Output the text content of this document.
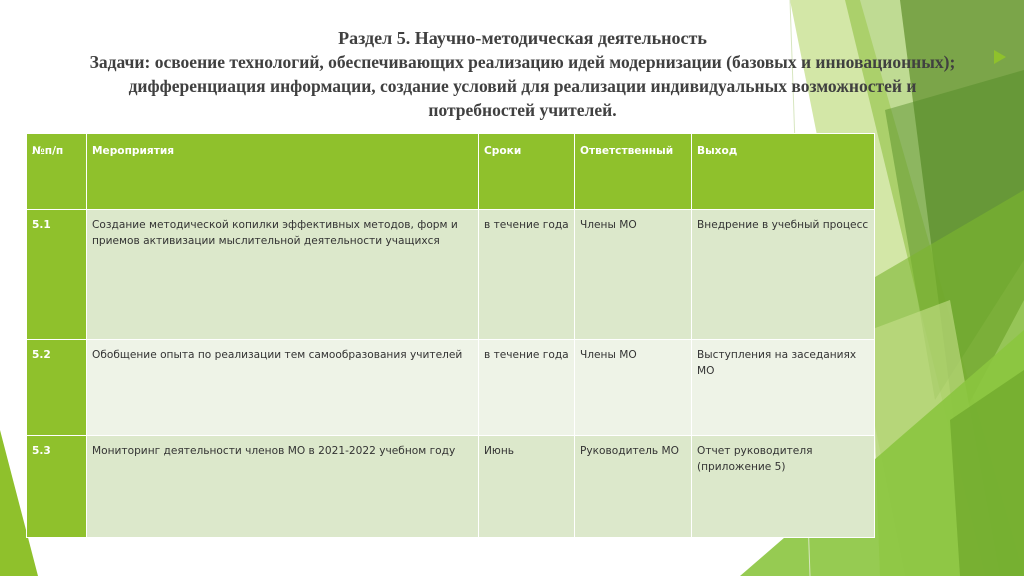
Раздел 5. Научно-методическая деятельность
Задачи: освоение технологий, обеспечивающих реализацию идей модернизации (базовых и инновационных);
дифференциация информации, создание условий для реализации индивидуальных возможностей и
потребностей учителей.
№п/п	Мероприятия	Сроки	Ответственный	Выход
5.1	Создание методической копилки эффективных методов, форм и приемов активизации мыслительной деятельности учащихся	в течение года	Члены МО	Внедрение в учебный процесс
5.2	Обобщение опыта по реализации тем самообразования учителей	в течение года	Члены МО	Выступления на заседаниях МО
5.3	Мониторинг деятельности членов МО в 2021-2022 учебном году	Июнь	Руководитель МО	Отчет руководителя (приложение 5)
